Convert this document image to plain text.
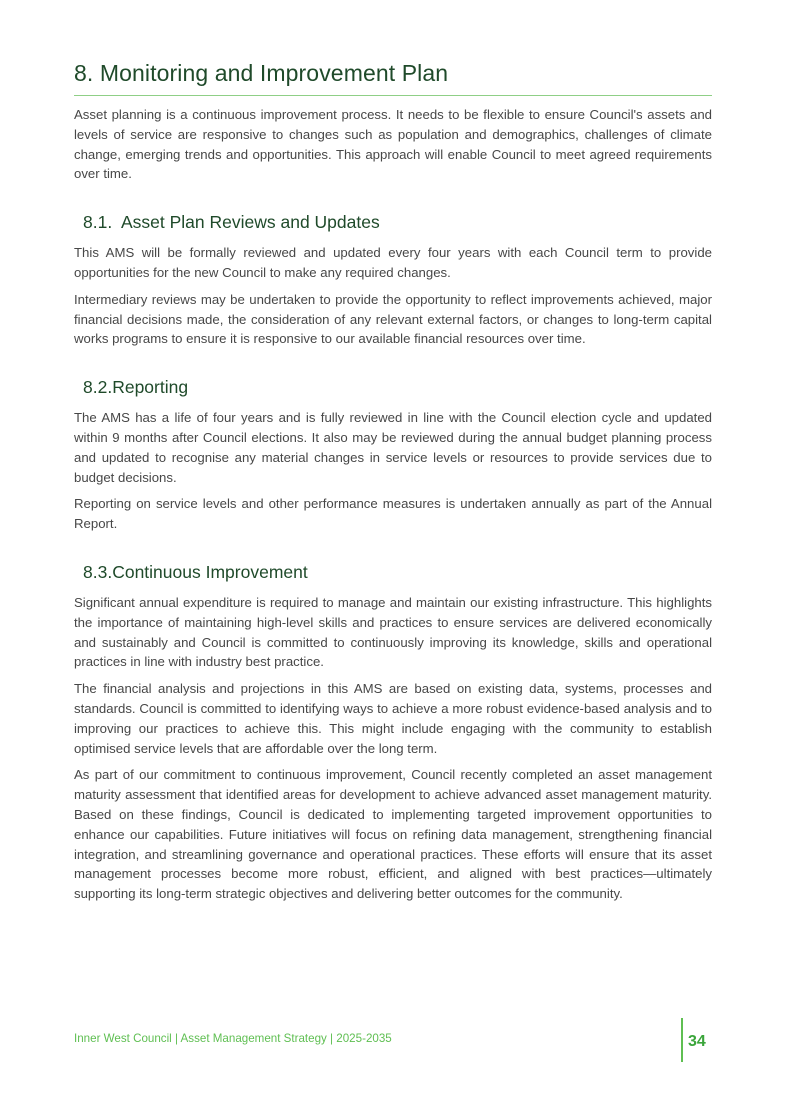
8. Monitoring and Improvement Plan

Asset planning is a continuous improvement process. It needs to be flexible to ensure Council's assets and levels of service are responsive to changes such as population and demographics, challenges of climate change, emerging trends and opportunities. This approach will enable Council to meet agreed requirements over time.

8.1. Asset Plan Reviews and Updates

This AMS will be formally reviewed and updated every four years with each Council term to provide opportunities for the new Council to make any required changes.

Intermediary reviews may be undertaken to provide the opportunity to reflect improvements achieved, major financial decisions made, the consideration of any relevant external factors, or changes to long-term capital works programs to ensure it is responsive to our available financial resources over time.

8.2.Reporting

The AMS has a life of four years and is fully reviewed in line with the Council election cycle and updated within 9 months after Council elections. It also may be reviewed during the annual budget planning process and updated to recognise any material changes in service levels or resources to provide services due to budget decisions.

Reporting on service levels and other performance measures is undertaken annually as part of the Annual Report.

8.3.Continuous Improvement

Significant annual expenditure is required to manage and maintain our existing infrastructure. This highlights the importance of maintaining high-level skills and practices to ensure services are delivered economically and sustainably and Council is committed to continuously improving its knowledge, skills and operational practices in line with industry best practice.

The financial analysis and projections in this AMS are based on existing data, systems, processes and standards. Council is committed to identifying ways to achieve a more robust evidence-based analysis and to improving our practices to achieve this. This might include engaging with the community to establish optimised service levels that are affordable over the long term.

As part of our commitment to continuous improvement, Council recently completed an asset management maturity assessment that identified areas for development to achieve advanced asset management maturity. Based on these findings, Council is dedicated to implementing targeted improvement opportunities to enhance our capabilities. Future initiatives will focus on refining data management, strengthening financial integration, and streamlining governance and operational practices. These efforts will ensure that its asset management processes become more robust, efficient, and aligned with best practices—ultimately supporting its long-term strategic objectives and delivering better outcomes for the community.

Inner West Council | Asset Management Strategy | 2025-2035	34
